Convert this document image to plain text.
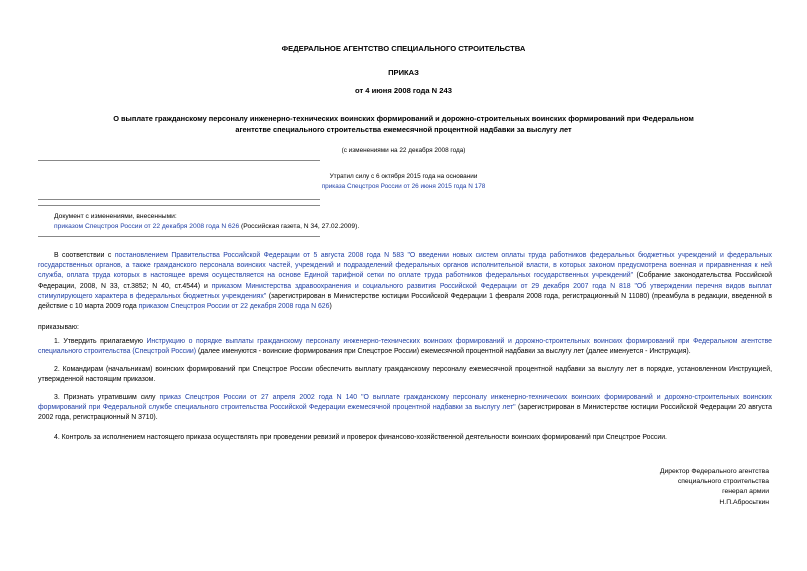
ФЕДЕРАЛЬНОЕ АГЕНТСТВО СПЕЦИАЛЬНОГО СТРОИТЕЛЬСТВА
ПРИКАЗ
от 4 июня 2008 года N 243
О выплате гражданскому персоналу инженерно-технических воинских формирований и дорожно-строительных воинских формирований при Федеральном
агентстве специального строительства ежемесячной процентной надбавки за выслугу лет
(с изменениями на 22 декабря 2008 года)
Утратил силу с 6 октября 2015 года на основании
приказа Спецстроя России от 26 июня 2015 года N 178
Документ с изменениями, внесенными:
приказом Спецстроя России от 22 декабря 2008 года N 626 (Российская газета, N 34, 27.02.2009).
В соответствии с постановлением Правительства Российской Федерации от 5 августа 2008 года N 583 "О введении новых систем оплаты труда работников федеральных бюджетных учреждений и федеральных государственных органов, а также гражданского персонала воинских частей, учреждений и подразделений федеральных органов исполнительной власти, в которых законом предусмотрена военная и приравненная к ней служба, оплата труда которых в настоящее время осуществляется на основе Единой тарифной сетки по оплате труда работников федеральных государственных учреждений" (Собрание законодательства Российской Федерации, 2008, N 33, ст.3852; N 40, ст.4544) и приказом Министерства здравоохранения и социального развития Российской Федерации от 29 декабря 2007 года N 818 "Об утверждении перечня видов выплат стимулирующего характера в федеральных бюджетных учреждениях" (зарегистрирован в Министерстве юстиции Российской Федерации 1 февраля 2008 года, регистрационный N 11080) (преамбула в редакции, введенной в действие с 10 марта 2009 года приказом Спецстроя России от 22 декабря 2008 года N 626)
приказываю:
1. Утвердить прилагаемую Инструкцию о порядке выплаты гражданскому персоналу инженерно-технических воинских формирований и дорожно-строительных воинских формирований при Федеральном агентстве специального строительства (Спецстрой России) (далее именуются - воинские формирования при Спецстрое России) ежемесячной процентной надбавки за выслугу лет (далее именуется - Инструкция).
2. Командирам (начальникам) воинских формирований при Спецстрое России обеспечить выплату гражданскому персоналу ежемесячной процентной надбавки за выслугу лет в порядке, установленном Инструкцией, утвержденной настоящим приказом.
3. Признать утратившим силу приказ Спецстроя России от 27 апреля 2002 года N 140 "О выплате гражданскому персоналу инженерно-технических воинских формирований и дорожно-строительных воинских формирований при Федеральной службе специального строительства Российской Федерации ежемесячной процентной надбавки за выслугу лет" (зарегистрирован в Министерстве юстиции Российской Федерации 20 августа 2002 года, регистрационный N 3710).
4. Контроль за исполнением настоящего приказа осуществлять при проведении ревизий и проверок финансово-хозяйственной деятельности воинских формирований при Спецстрое России.
Директор Федерального агентства
специального строительства
генерал армии
Н.П.Абросьткин
